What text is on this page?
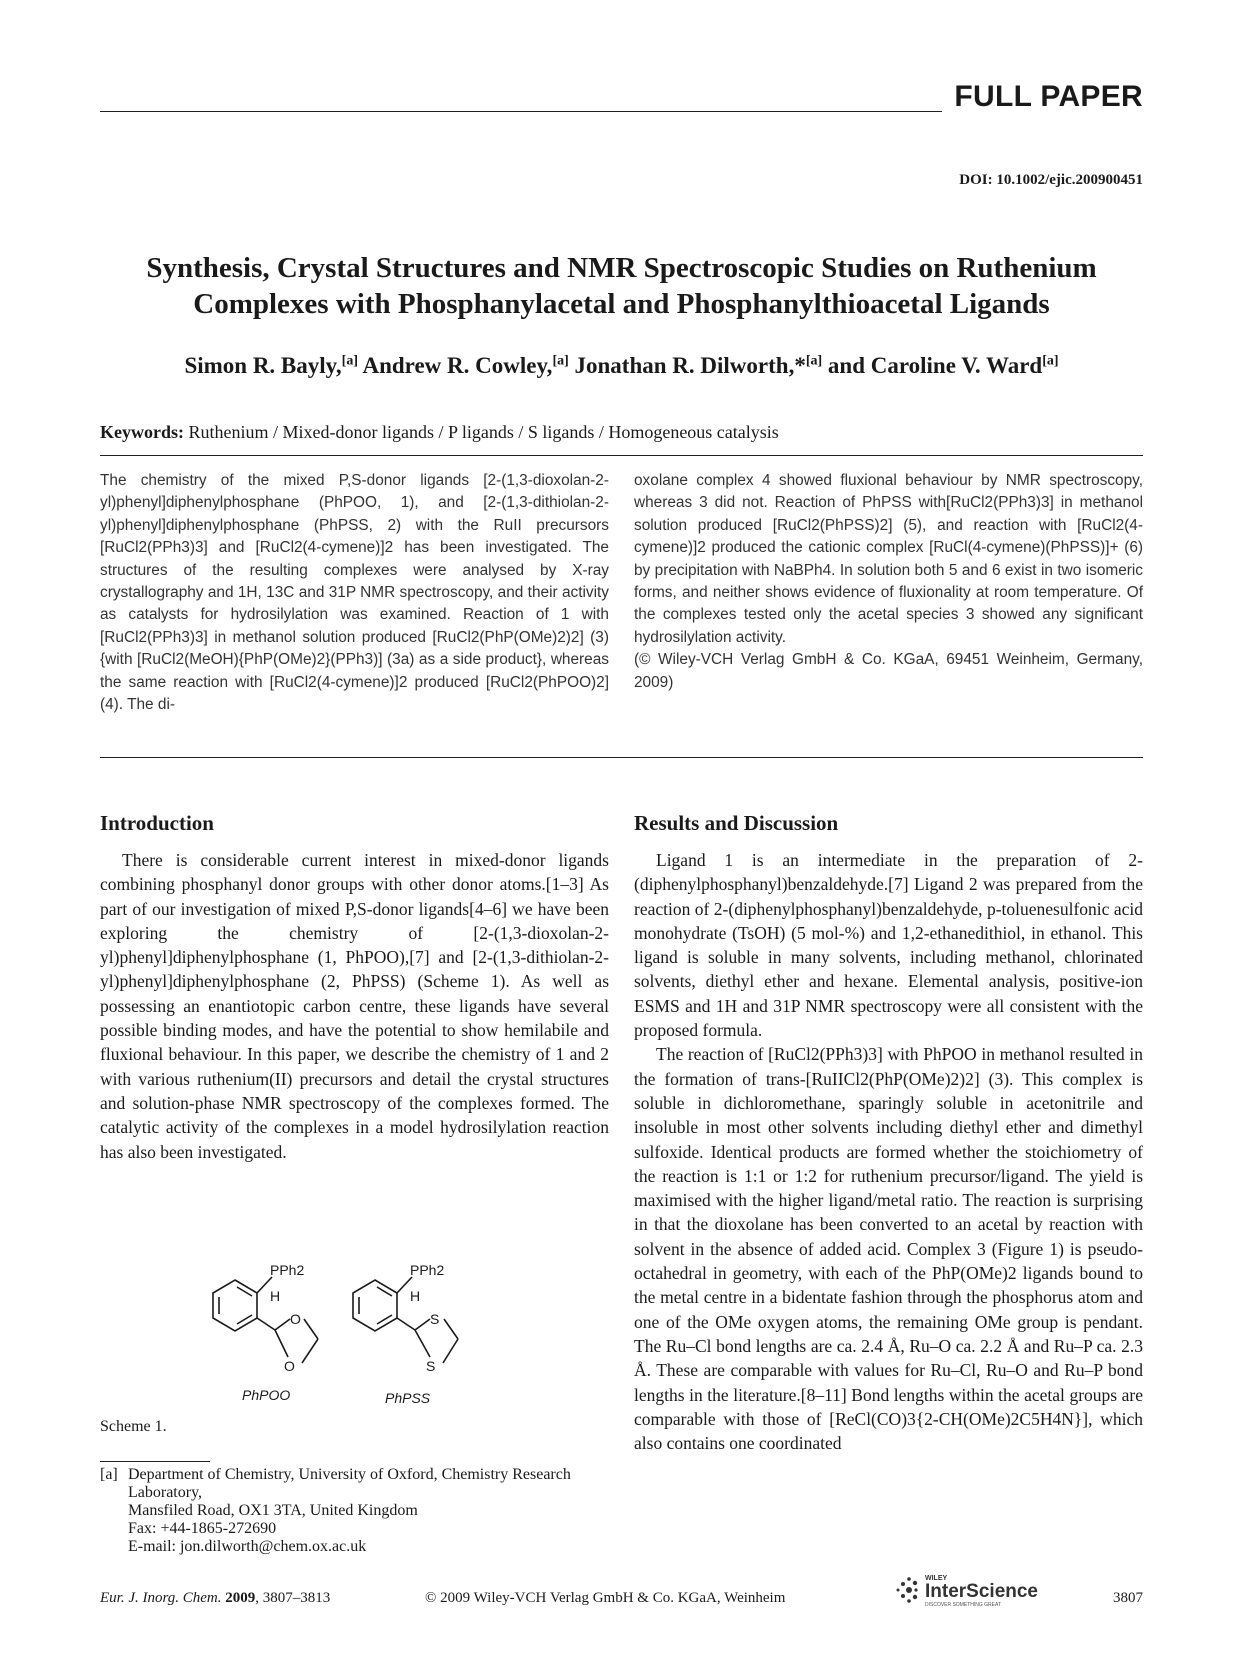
FULL PAPER
DOI: 10.1002/ejic.200900451
Synthesis, Crystal Structures and NMR Spectroscopic Studies on Ruthenium
Complexes with Phosphanylacetal and Phosphanylthioacetal Ligands
Simon R. Bayly,[a] Andrew R. Cowley,[a] Jonathan R. Dilworth,*[a] and Caroline V. Ward[a]
Keywords: Ruthenium / Mixed-donor ligands / P ligands / S ligands / Homogeneous catalysis

The chemistry of the mixed P,S-donor ligands [2-(1,3-dioxolan-2-yl)phenyl]diphenylphosphane (PhPOO, 1), and [2-(1,3-dithiolan-2-yl)phenyl]diphenylphosphane (PhPSS, 2) with the RuII precursors [RuCl2(PPh3)3] and [RuCl2(4-cymene)]2 has been investigated. The structures of the resulting complexes were analysed by X-ray crystallography and 1H, 13C and 31P NMR spectroscopy, and their activity as catalysts for hydrosilylation was examined. Reaction of 1 with [RuCl2(PPh3)3] in methanol solution produced [RuCl2(PhP(OMe)2)2] (3) {with [RuCl2(MeOH){PhP(OMe)2}(PPh3)] (3a) as a side product}, whereas the same reaction with [RuCl2(4-cymene)]2 produced [RuCl2(PhPOO)2] (4). The di-

oxolane complex 4 showed fluxional behaviour by NMR spectroscopy, whereas 3 did not. Reaction of PhPSS with[RuCl2(PPh3)3] in methanol solution produced [RuCl2(PhPSS)2] (5), and reaction with [RuCl2(4-cymene)]2 produced the cationic complex [RuCl(4-cymene)(PhPSS)]+ (6) by precipitation with NaBPh4. In solution both 5 and 6 exist in two isomeric forms, and neither shows evidence of fluxionality at room temperature. Of the complexes tested only the acetal species 3 showed any significant hydrosilylation activity.

(© Wiley-VCH Verlag GmbH & Co. KGaA, 69451 Weinheim, Germany, 2009)

Introduction	Results and Discussion

There is considerable current interest in mixed-donor ligands combining phosphanyl donor groups with other donor atoms.[1–3] As part of our investigation of mixed P,S-donor ligands[4–6] we have been exploring the chemistry of [2-(1,3-dioxolan-2-yl)phenyl]diphenylphosphane (1, PhPOO),[7] and [2-(1,3-dithiolan-2-yl)phenyl]diphenylphosphane (2, PhPSS) (Scheme 1). As well as possessing an enantiotopic carbon centre, these ligands have several possible binding modes, and have the potential to show hemilabile and fluxional behaviour. In this paper, we describe the chemistry of 1 and 2 with various ruthenium(II) precursors and detail the crystal structures and solution-phase NMR spectroscopy of the complexes formed. The catalytic activity of the complexes in a model hydrosilylation reaction has also been investigated.

Ligand 1 is an intermediate in the preparation of 2-(diphenylphosphanyl)benzaldehyde.[7] Ligand 2 was prepared from the reaction of 2-(diphenylphosphanyl)benzaldehyde, p-toluenesulfonic acid monohydrate (TsOH) (5 mol-%) and 1,2-ethanedithiol, in ethanol. This ligand is soluble in many solvents, including methanol, chlorinated solvents, diethyl ether and hexane. Elemental analysis, positive-ion ESMS and 1H and 31P NMR spectroscopy were all consistent with the proposed formula.

The reaction of [RuCl2(PPh3)3] with PhPOO in methanol resulted in the formation of trans-[RuIICl2(PhP(OMe)2)2] (3). This complex is soluble in dichloromethane, sparingly soluble in acetonitrile and insoluble in most other solvents including diethyl ether and dimethyl sulfoxide. Identical products are formed whether the stoichiometry of the reaction is 1:1 or 1:2 for ruthenium precursor/ligand. The yield is maximised with the higher ligand/metal ratio. The reaction is surprising in that the dioxolane has been converted to an acetal by reaction with solvent in the absence of added acid. Complex 3 (Figure 1) is pseudo-octahedral in geometry, with each of the PhP(OMe)2 ligands bound to the metal centre in a bidentate fashion through the phosphorus atom and one of the OMe oxygen atoms, the remaining OMe group is pendant. The Ru–Cl bond lengths are ca. 2.4 Å, Ru–O ca. 2.2 Å and Ru–P ca. 2.3 Å. These are comparable with values for Ru–Cl, Ru–O and Ru–P bond lengths in the literature.[8–11] Bond lengths within the acetal groups are comparable with those of [ReCl(CO)3{2-CH(OMe)2C5H4N}], which also contains one coordinated

PPh2
H
O
O
PhPOO
PPh2
H
S
S
PhPSS
Scheme 1.
[a] Department of Chemistry, University of Oxford, Chemistry Research Laboratory,
Mansfiled Road, OX1 3TA, United Kingdom
Fax: +44-1865-272690
E-mail: jon.dilworth@chem.ox.ac.uk
Eur. J. Inorg. Chem. 2009, 3807–3813	© 2009 Wiley-VCH Verlag GmbH & Co. KGaA, Weinheim
WILEY
InterScience
DISCOVER SOMETHING GREAT	3807
